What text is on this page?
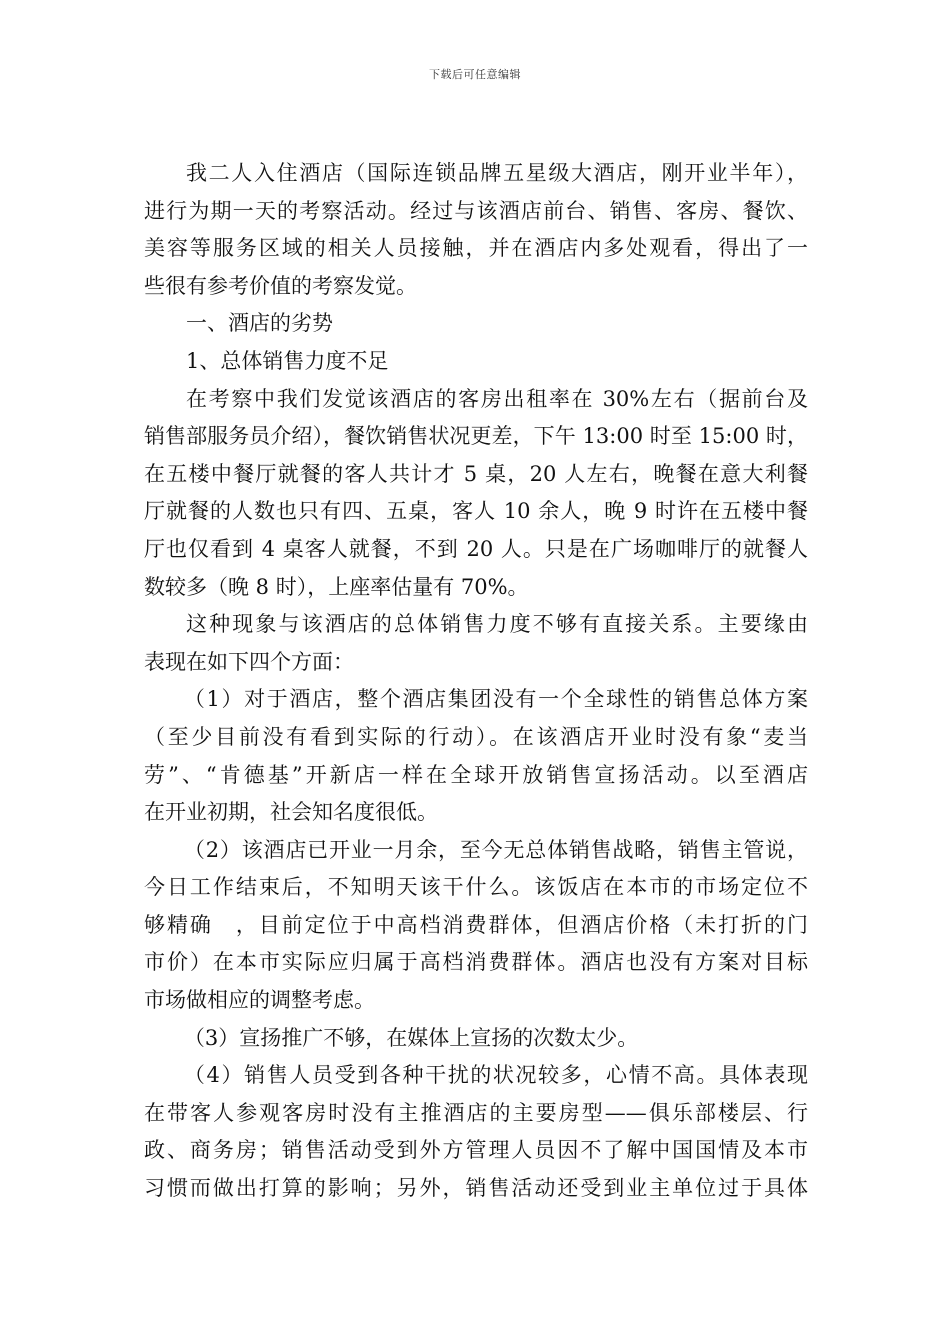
下载后可任意编辑
我二人入住酒店（国际连锁品牌五星级大酒店，刚开业半年），
进行为期一天的考察活动。经过与该酒店前台、销售、客房、餐饮、
美容等服务区域的相关人员接触，并在酒店内多处观看，得出了一
些很有参考价值的考察发觉。
一、酒店的劣势
1、总体销售力度不足
在考察中我们发觉该酒店的客房出租率在 30%左右（据前台及
销售部服务员介绍），餐饮销售状况更差，下午 13:00 时至 15:00 时，
在五楼中餐厅就餐的客人共计才 5 桌，20 人左右，晚餐在意大利餐
厅就餐的人数也只有四、五桌，客人 10 余人，晚 9 时许在五楼中餐
厅也仅看到 4 桌客人就餐，不到 20 人。只是在广场咖啡厅的就餐人
数较多（晚 8 时），上座率估量有 70%。
这种现象与该酒店的总体销售力度不够有直接关系。主要缘由
表现在如下四个方面：
（1）对于酒店，整个酒店集团没有一个全球性的销售总体方案
（至少目前没有看到实际的行动）。在该酒店开业时没有象“麦当
劳”、“肯德基”开新店一样在全球开放销售宣扬活动。以至酒店
在开业初期，社会知名度很低。
（2）该酒店已开业一月余，至今无总体销售战略，销售主管说，
今日工作结束后，不知明天该干什么。该饭店在本市的市场定位不
够精确　，目前定位于中高档消费群体，但酒店价格（未打折的门
市价）在本市实际应归属于高档消费群体。酒店也没有方案对目标
市场做相应的调整考虑。
（3）宣扬推广不够，在媒体上宣扬的次数太少。
（4）销售人员受到各种干扰的状况较多，心情不高。具体表现
在带客人参观客房时没有主推酒店的主要房型——俱乐部楼层、行
政、商务房；销售活动受到外方管理人员因不了解中国国情及本市
习惯而做出打算的影响；另外，销售活动还受到业主单位过于具体
